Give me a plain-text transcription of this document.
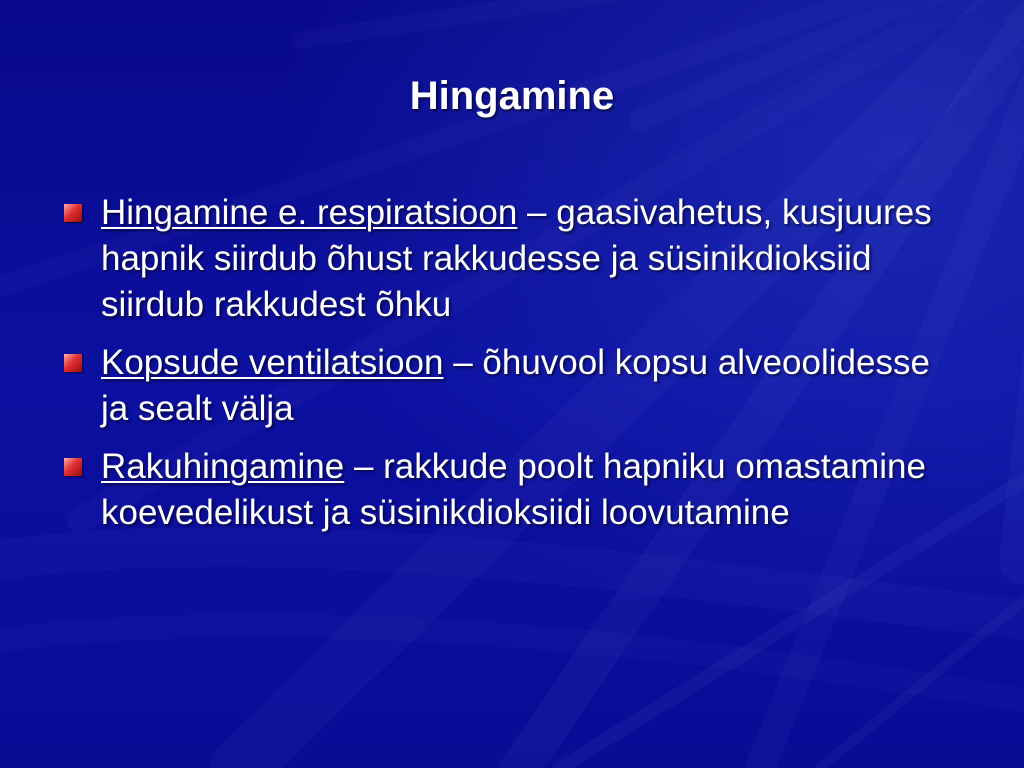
Hingamine
Hingamine e. respiratsioon – gaasivahetus, kusjuures hapnik siirdub õhust rakkudesse ja süsinikdioksiid siirdub rakkudest õhku
Kopsude ventilatsioon – õhuvool kopsu alveoolidesse ja sealt välja
Rakuhingamine – rakkude poolt hapniku omastamine koevedelikust ja süsinikdioksiidi loovutamine
